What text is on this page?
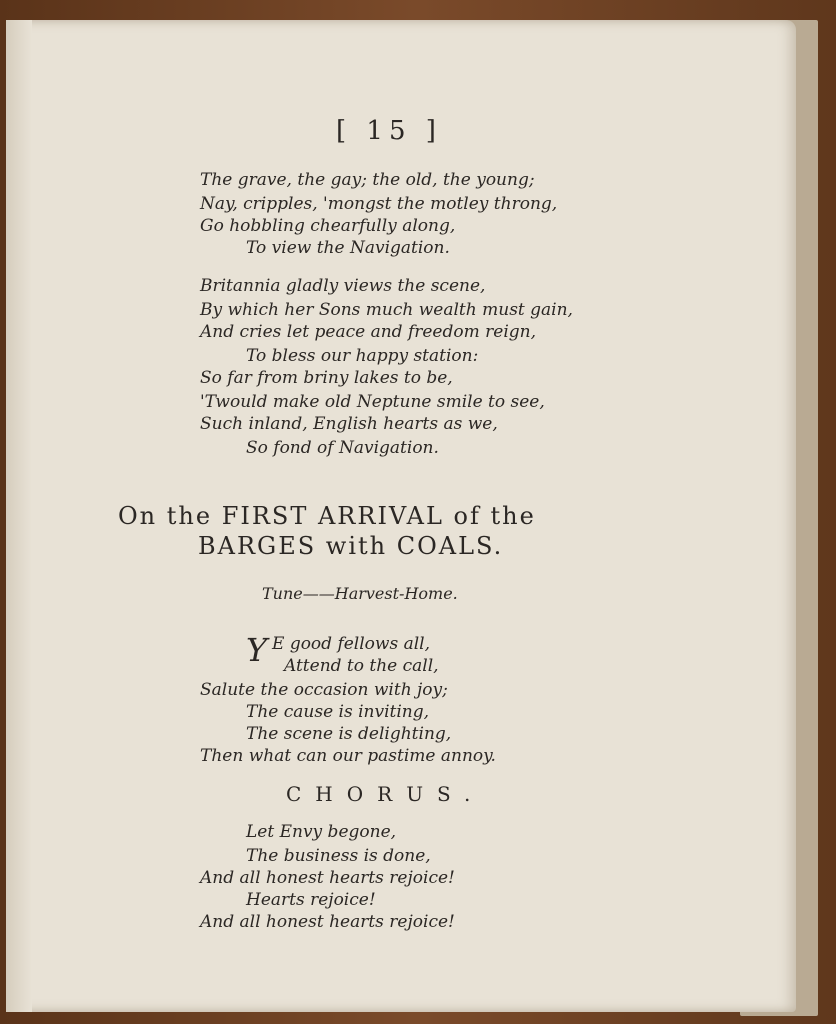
[ 15 ]
The grave, the gay; the old, the young;
Nay, cripples, 'mongst the motley throng,
Go hobbling chearfully along,
To view the Navigation.
Britannia gladly views the scene,
By which her Sons much wealth must gain,
And cries let peace and freedom reign,
To bless our happy station:
So far from briny lakes to be,
'Twould make old Neptune smile to see,
Such inland, English hearts as we,
So fond of Navigation.
On the FIRST ARRIVAL of the
BARGES with COALS.
Tune——Harvest-Home.
Y E good fellows all,
Attend to the call,
Salute the occasion with joy;
The cause is inviting,
The scene is delighting,
Then what can our pastime annoy.
CHORUS.
Let Envy begone,
The business is done,
And all honest hearts rejoice!
Hearts rejoice!
And all honest hearts rejoice!
